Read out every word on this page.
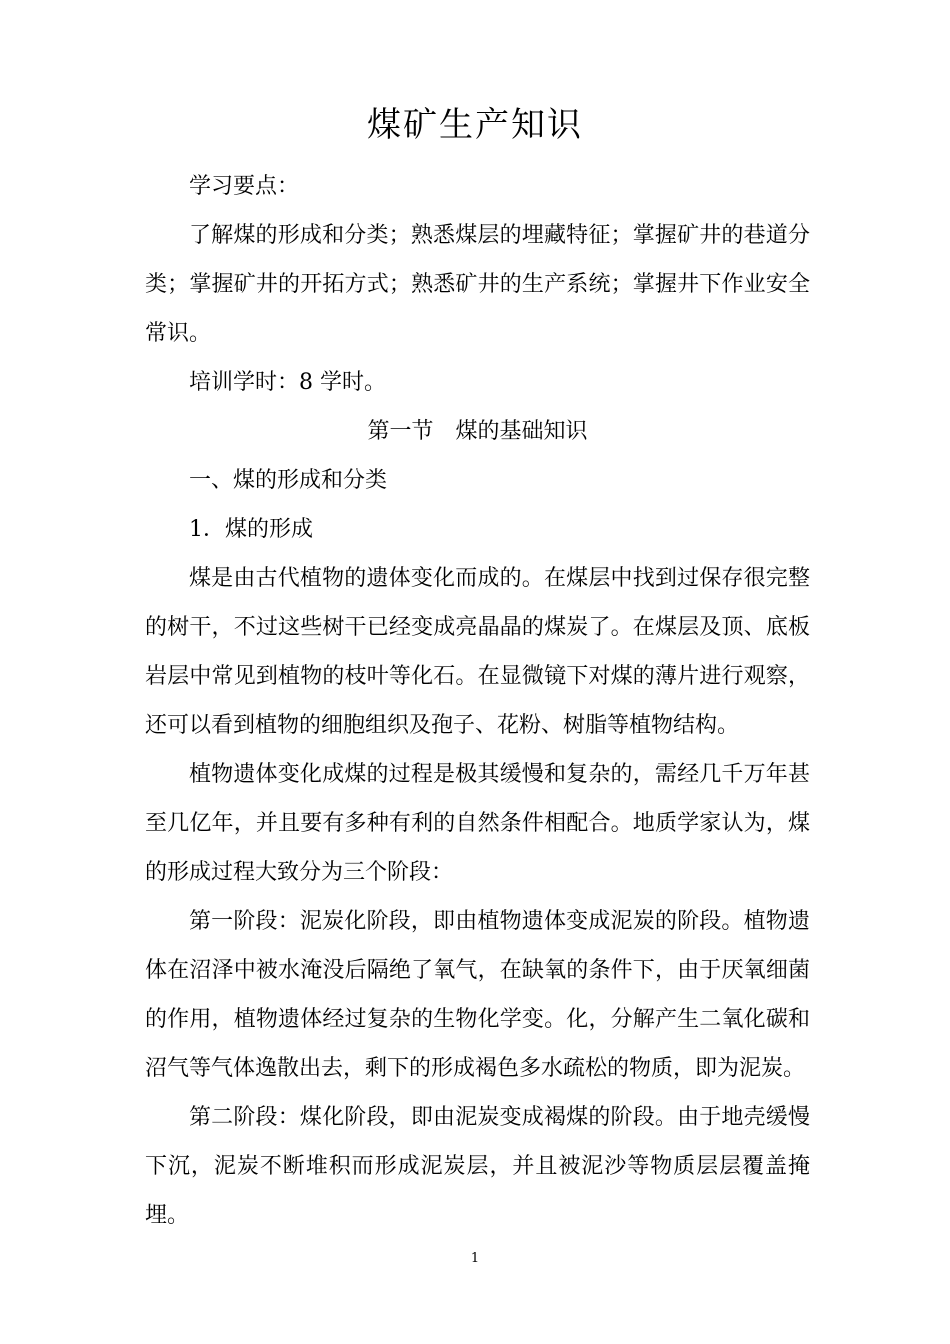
煤矿生产知识

学习要点：

了解煤的形成和分类；熟悉煤层的埋藏特征；掌握矿井的巷道分类；掌握矿井的开拓方式；熟悉矿井的生产系统；掌握井下作业安全常识。

培训学时：8 学时。

第一节　煤的基础知识

一、煤的形成和分类

1．煤的形成

煤是由古代植物的遗体变化而成的。在煤层中找到过保存很完整的树干，不过这些树干已经变成亮晶晶的煤炭了。在煤层及顶、底板岩层中常见到植物的枝叶等化石。在显微镜下对煤的薄片进行观察，还可以看到植物的细胞组织及孢子、花粉、树脂等植物结构。

植物遗体变化成煤的过程是极其缓慢和复杂的，需经几千万年甚至几亿年，并且要有多种有利的自然条件相配合。地质学家认为，煤的形成过程大致分为三个阶段：

第一阶段：泥炭化阶段，即由植物遗体变成泥炭的阶段。植物遗体在沼泽中被水淹没后隔绝了氧气，在缺氧的条件下，由于厌氧细菌的作用，植物遗体经过复杂的生物化学变。化，分解产生二氧化碳和沼气等气体逸散出去，剩下的形成褐色多水疏松的物质，即为泥炭。

第二阶段：煤化阶段，即由泥炭变成褐煤的阶段。由于地壳缓慢下沉，泥炭不断堆积而形成泥炭层，并且被泥沙等物质层层覆盖掩埋。

1
